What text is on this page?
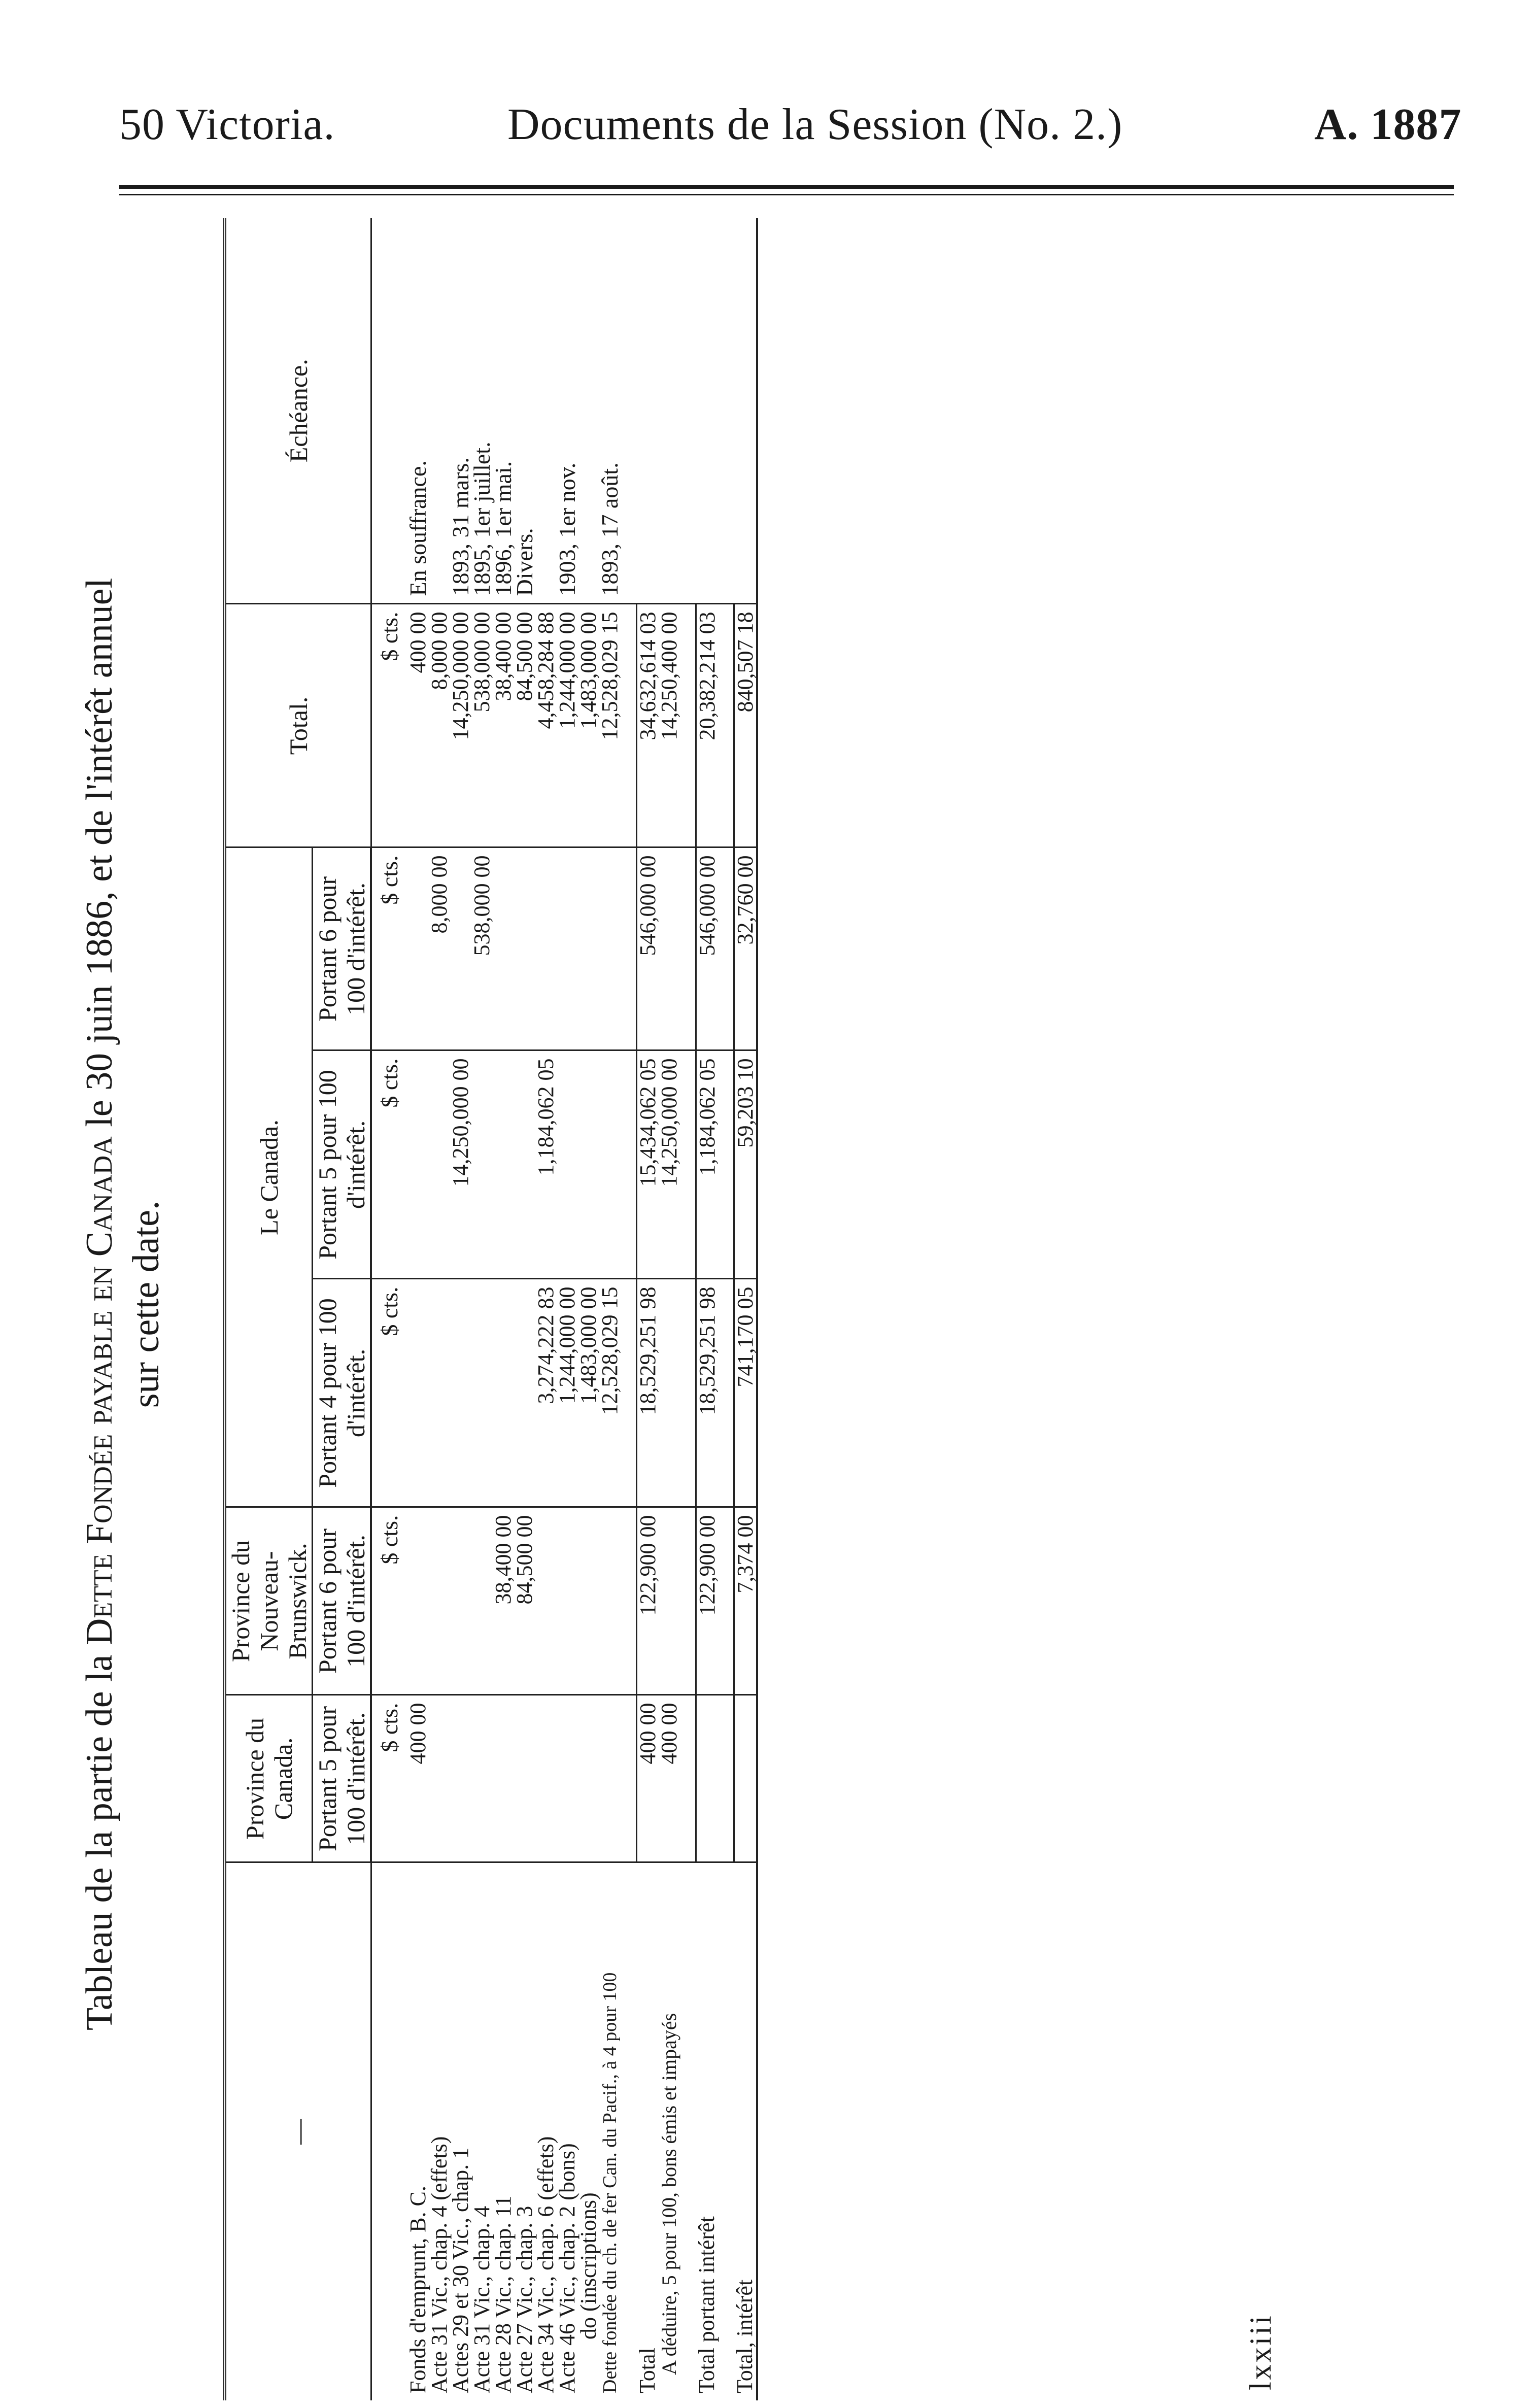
50 Victoria.	Documents de la Session (No. 2.)	A. 1887
Tableau de la partie de la Dette Fondée payable en Canada le 30 juin 1886, et de l'intérêt annuel
sur cette date.
—	Province du Canada.	Province du Nouveau-Brunswick.	Le Canada.			Total.	Échéance.
	Portant 5 pour 100 d'intérêt.	Portant 6 pour 100 d'intérêt.	Portant 4 pour 100 d'intérêt.	Portant 5 pour 100 d'intérêt.	Portant 6 pour 100 d'intérêt.		
	$ cts.	$ cts.	$ cts.	$ cts.	$ cts.	$ cts.	
Fonds d'emprunt, B. C.	400 00					400 00	En souffrance.
Acte 31 Vic., chap. 4 (effets)					8,000 00	8,000 00	
Actes 29 et 30 Vic., chap. 1				14,250,000 00		14,250,000 00	1893, 31 mars.
Acte 31 Vic., chap. 4					538,000 00	538,000 00	1895, 1er juillet.
Acte 28 Vic., chap. 11		38,400 00				38,400 00	1896, 1er mai.
Acte 27 Vic., chap. 3		84,500 00				84,500 00	Divers.
Acte 34 Vic., chap. 6 (effets)			3,274,222 83	1,184,062 05		4,458,284 88	
Acte 46 Vic., chap. 2 (bons)			1,244,000 00			1,244,000 00	1903, 1er nov.
do (inscriptions)			1,483,000 00			1,483,000 00	
Dette fondée du ch. de fer Can. du Pacif., à 4 pour 100			12,528,029 15			12,528,029 15	1893, 17 août.

Total	400 00	122,900 00	18,529,251 98	15,434,062 05	546,000 00	34,632,614 03	
A déduire, 5 pour 100, bons émis et impayés	400 00			14,250,000 00		14,250,400 00	

Total portant intérêt		122,900 00	18,529,251 98	1,184,062 05	546,000 00	20,382,214 03	

Total, intérêt		7,374 00	741,170 05	59,203 10	32,760 00	840,507 18	
lxxiii
